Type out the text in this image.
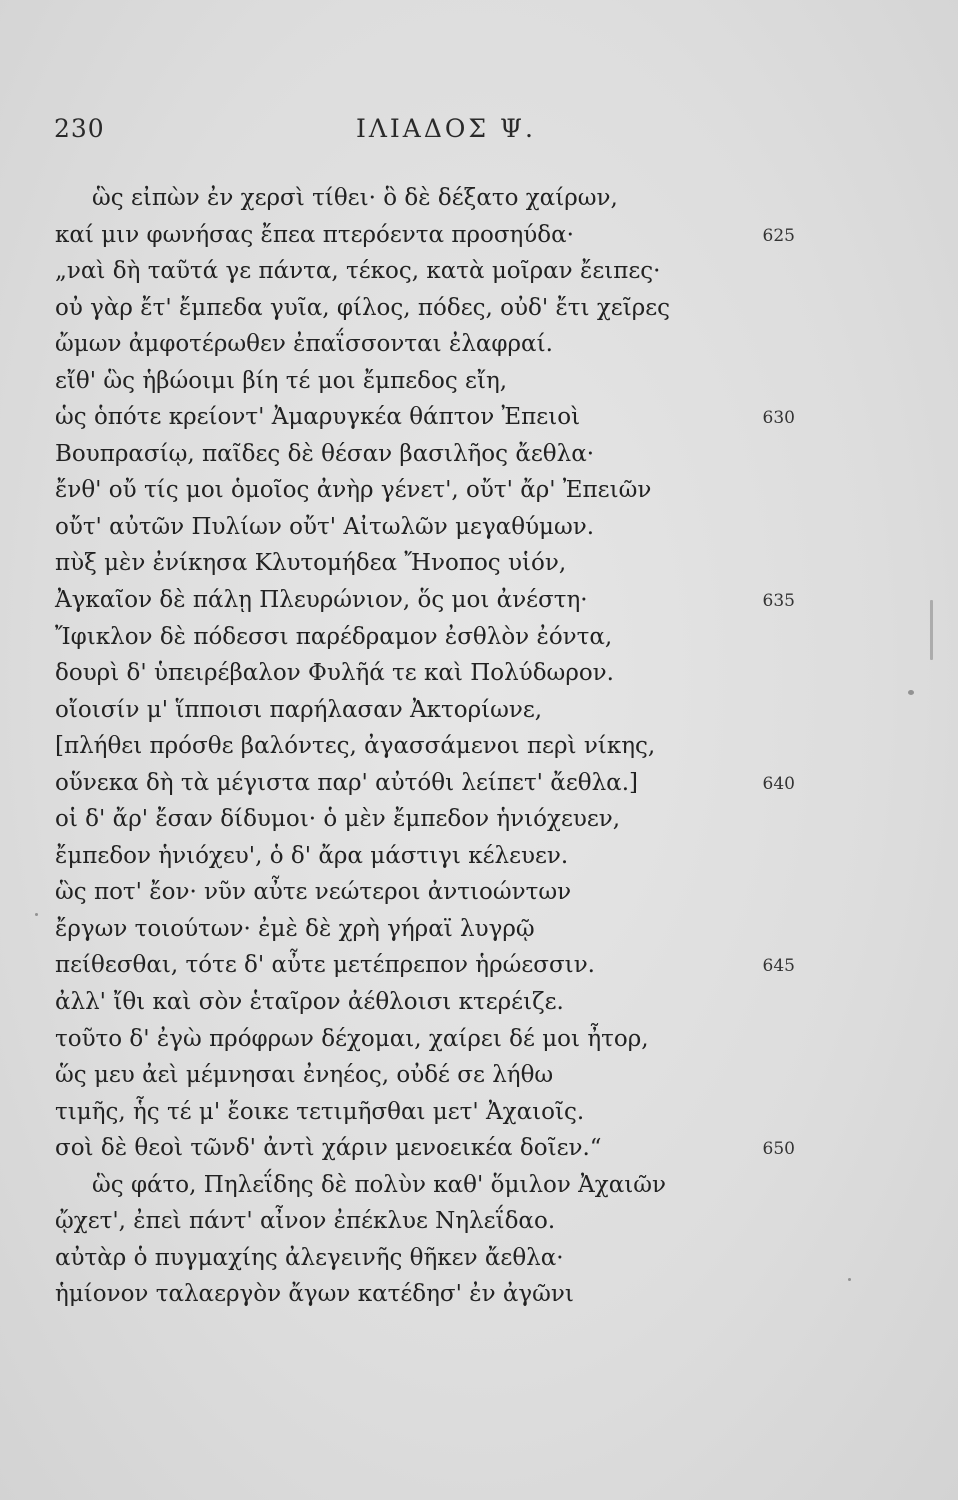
230	ΙΛΙΑΔΟΣ Ψ.
ὣς εἰπὼν ἐν χερσὶ τίθει· ὃ δὲ δέξατο χαίρων,
καί μιν φωνήσας ἔπεα πτερόεντα προσηύδα·	625
„ναὶ δὴ ταῦτά γε πάντα, τέκος, κατὰ μοῖραν ἔειπες·
οὐ γὰρ ἔτ' ἔμπεδα γυῖα, φίλος, πόδες, οὐδ' ἔτι χεῖρες
ὤμων ἀμφοτέρωθεν ἐπαΐσσονται ἐλαφραί.
εἴθ' ὣς ἡβώοιμι βίη τέ μοι ἔμπεδος εἴη,
ὡς ὁπότε κρείοντ' Ἀμαρυγκέα θάπτον Ἐπειοὶ	630
Βουπρασίῳ, παῖδες δὲ θέσαν βασιλῆος ἄεθλα·
ἔνθ' οὔ τίς μοι ὁμοῖος ἀνὴρ γένετ', οὔτ' ἄρ' Ἐπειῶν
οὔτ' αὐτῶν Πυλίων οὔτ' Αἰτωλῶν μεγαθύμων.
πὺξ μὲν ἐνίκησα Κλυτομήδεα Ἤνοπος υἱόν,
Ἀγκαῖον δὲ πάλῃ Πλευρώνιον, ὅς μοι ἀνέστη·	635
Ἴφικλον δὲ πόδεσσι παρέδραμον ἐσθλὸν ἐόντα,
δουρὶ δ' ὑπειρέβαλον Φυλῆά τε καὶ Πολύδωρον.
οἴοισίν μ' ἵπποισι παρήλασαν Ἀκτορίωνε,
[πλήθει πρόσθε βαλόντες, ἀγασσάμενοι περὶ νίκης,
οὕνεκα δὴ τὰ μέγιστα παρ' αὐτόθι λείπετ' ἄεθλα.]	640
οἱ δ' ἄρ' ἔσαν δίδυμοι· ὁ μὲν ἔμπεδον ἡνιόχευεν,
ἔμπεδον ἡνιόχευ', ὁ δ' ἄρα μάστιγι κέλευεν.
ὣς ποτ' ἔον· νῦν αὖτε νεώτεροι ἀντιοώντων
ἔργων τοιούτων· ἐμὲ δὲ χρὴ γήραϊ λυγρῷ
πείθεσθαι, τότε δ' αὖτε μετέπρεπον ἡρώεσσιν.	645
ἀλλ' ἴθι καὶ σὸν ἑταῖρον ἀέθλοισι κτερέιζε.
τοῦτο δ' ἐγὼ πρόφρων δέχομαι, χαίρει δέ μοι ἦτορ,
ὥς μευ ἀεὶ μέμνησαι ἐνηέος, οὐδέ σε λήθω
τιμῆς, ἧς τέ μ' ἔοικε τετιμῆσθαι μετ' Ἀχαιοῖς.
σοὶ δὲ θεοὶ τῶνδ' ἀντὶ χάριν μενοεικέα δοῖεν.“	650
ὣς φάτο, Πηλεΐδης δὲ πολὺν καθ' ὅμιλον Ἀχαιῶν
ᾤχετ', ἐπεὶ πάντ' αἶνον ἐπέκλυε Νηλεΐδαο.
αὐτὰρ ὁ πυγμαχίης ἀλεγεινῆς θῆκεν ἄεθλα·
ἡμίονον ταλαεργὸν ἄγων κατέδησ' ἐν ἀγῶνι
